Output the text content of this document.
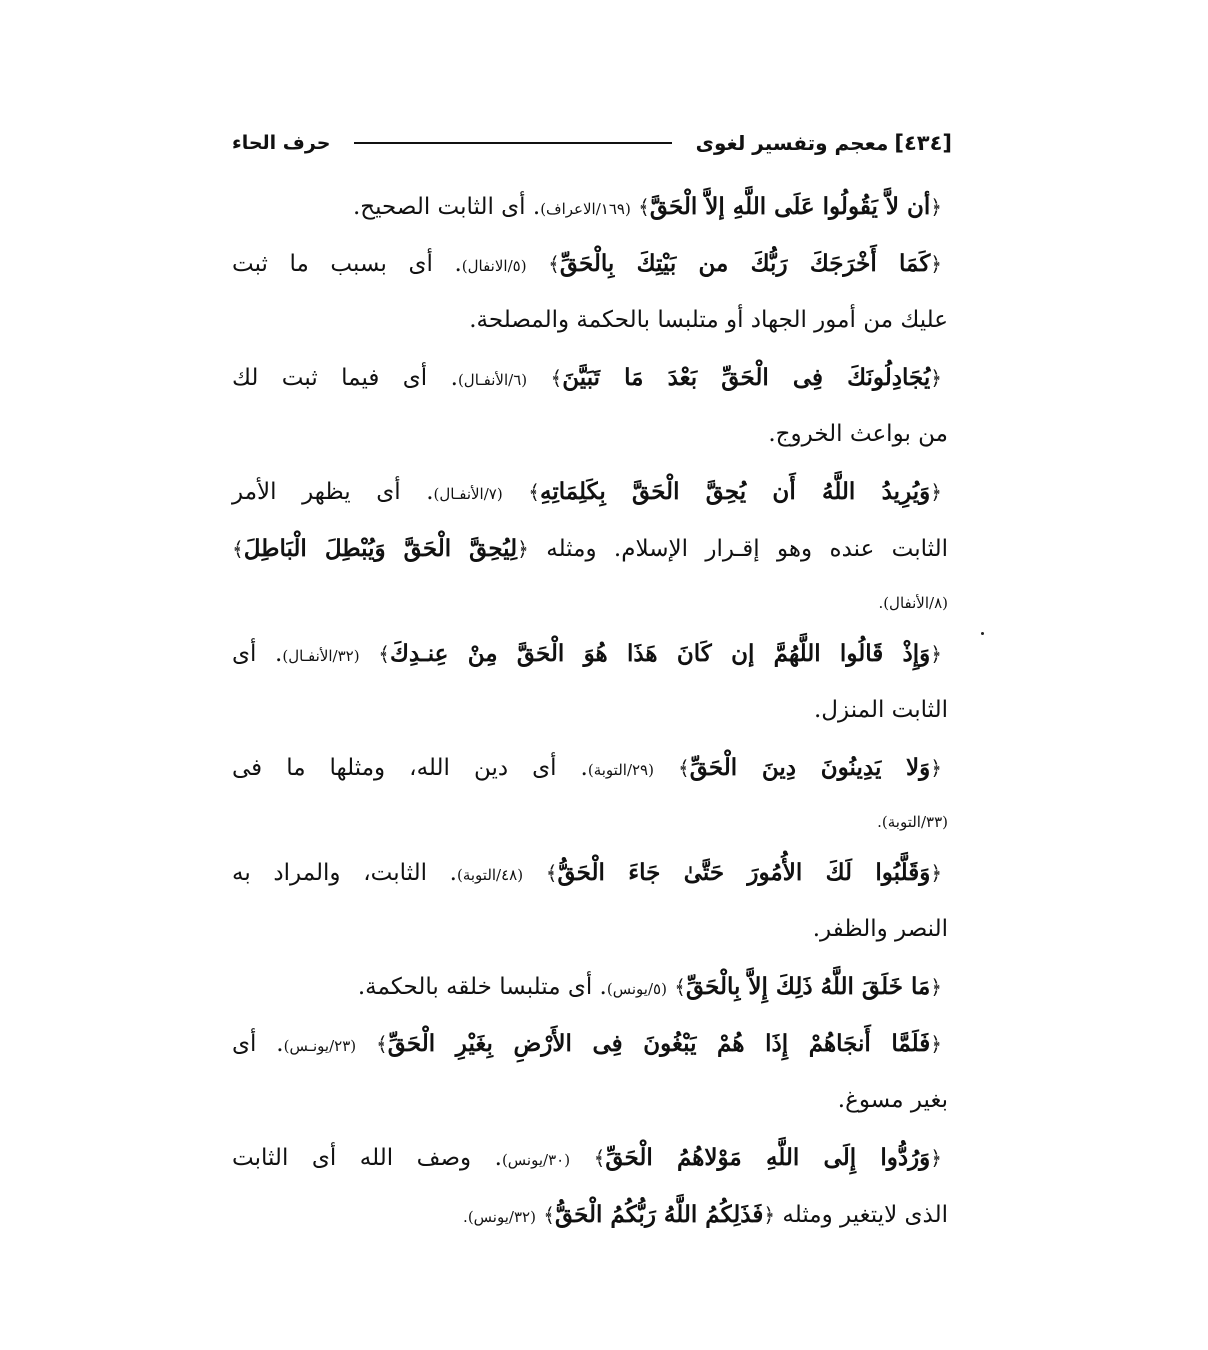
[٤٣٤]
معجم وتفسير لغوى
حرف الحاء
﴿أن لاَّ يَقُولُوا عَلَى اللَّهِ إلاَّ الْحَقَّ﴾ (١٦٩/الاعراف). أى الثابت الصحيح.
﴿كَمَا أَخْرَجَكَ رَبُّكَ من بَيْتِكَ بِالْحَقِّ﴾ (٥/الانفال). أى بسبب ما ثبت
عليك من أمور الجهاد أو متلبسا بالحكمة والمصلحة.
﴿يُجَادِلُونَكَ فِى الْحَقِّ بَعْدَ مَا تَبَيَّنَ﴾ (٦/الأنفـال). أى فيما ثبت لك
من بواعث الخروج.
﴿وَيُرِيدُ اللَّهُ أَن يُحِقَّ الْحَقَّ بِكَلِمَاتِهِ﴾ (٧/الأنفـال). أى يظهر الأمر
الثابت عنده وهو إقـرار الإسلام. ومثله ﴿لِيُحِقَّ الْحَقَّ وَيُبْطِلَ الْبَاطِلَ﴾
(٨/الأنفال).
﴿وَإِذْ قَالُوا اللَّهُمَّ إن كَانَ هَذَا هُوَ الْحَقَّ مِنْ عِنـدِكَ﴾ (٣٢/الأنفـال). أى
الثابت المنزل.
﴿وَلا يَدِينُونَ دِينَ الْحَقِّ﴾ (٢٩/التوبة). أى دين الله، ومثلها ما فى
(٣٣/التوبة).
﴿وَقَلَّبُوا لَكَ الأُمُورَ حَتَّىٰ جَاءَ الْحَقُّ﴾ (٤٨/التوبة). الثابت، والمراد به
النصر والظفر.
﴿مَا خَلَقَ اللَّهُ ذَلِكَ إِلاَّ بِالْحَقِّ﴾ (٥/يونس). أى متلبسا خلقه بالحكمة.
﴿فَلَمَّا أَنجَاهُمْ إِذَا هُمْ يَبْغُونَ فِى الأَرْضِ بِغَيْرِ الْحَقِّ﴾ (٢٣/يونـس). أى
بغير مسوغ.
﴿وَرُدُّوا إِلَى اللَّهِ مَوْلاهُمُ الْحَقِّ﴾ (٣٠/يونس). وصف الله أى الثابت
الذى لايتغير ومثله ﴿فَذَلِكُمُ اللَّهُ رَبُّكُمُ الْحَقُّ﴾ (٣٢/يونس).
